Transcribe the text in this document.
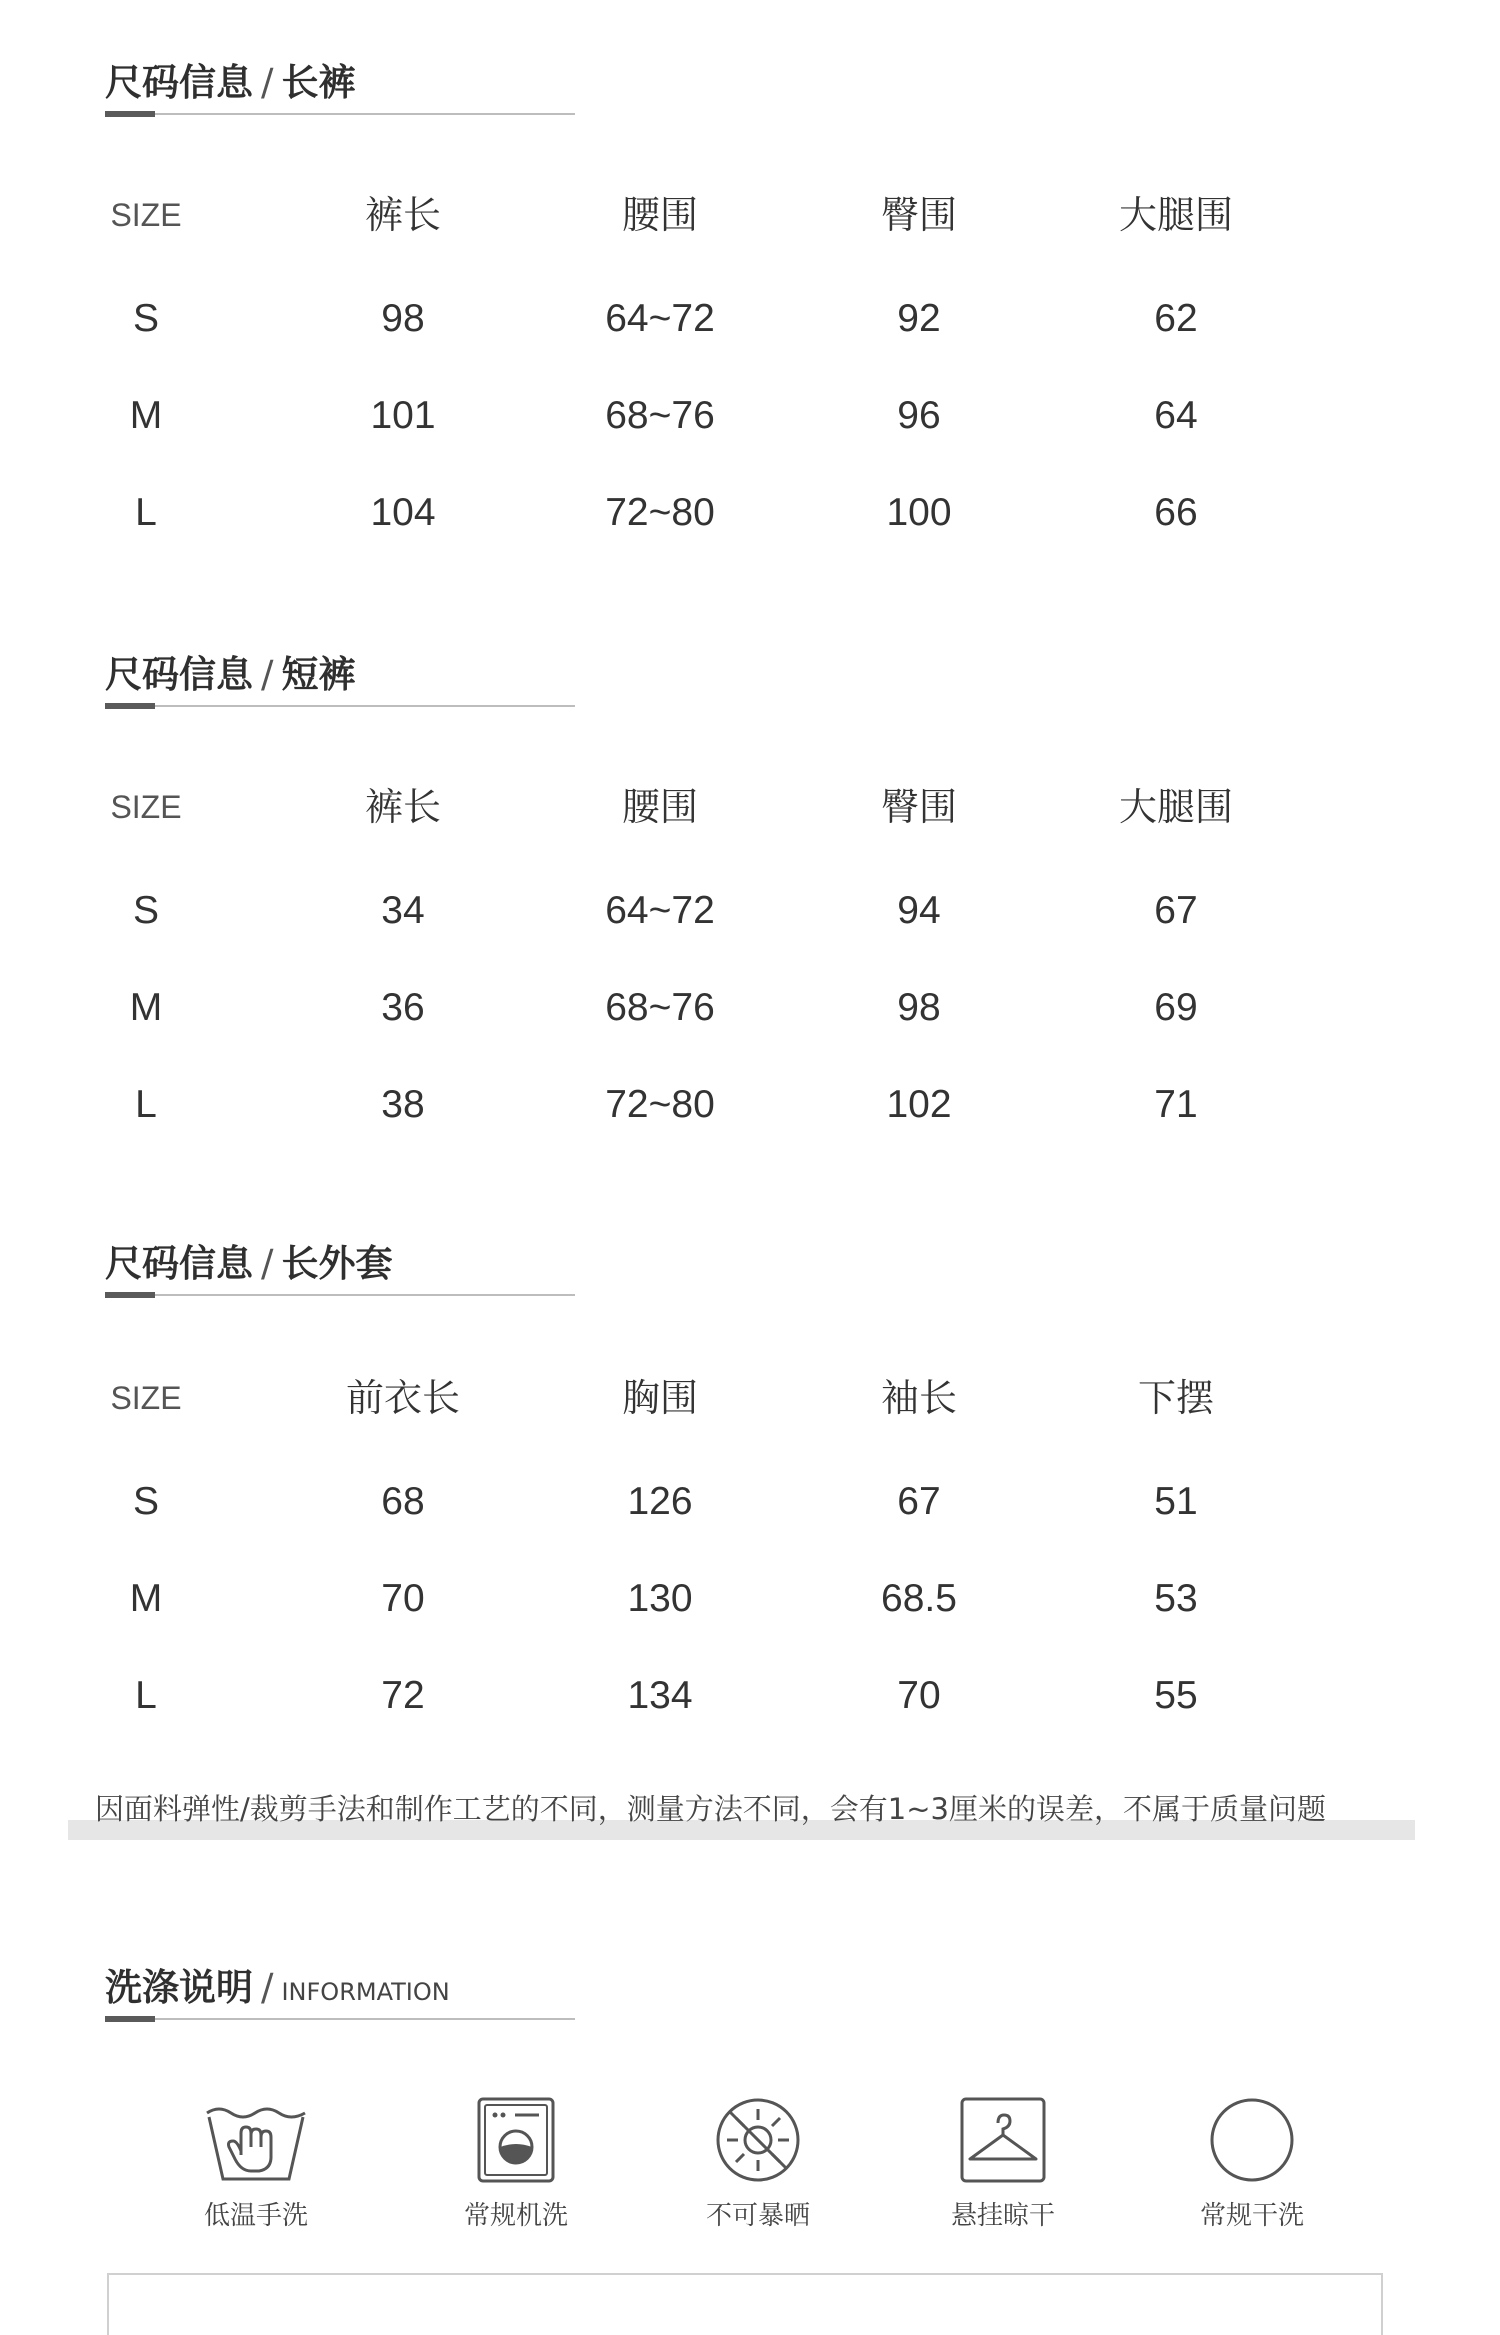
尺码信息 / 长裤
SIZE	裤长	腰围	臀围	大腿围
S	98	64~72	92	62
M	101	68~76	96	64
L	104	72~80	100	66
尺码信息 / 短裤
SIZE	裤长	腰围	臀围	大腿围
S	34	64~72	94	67
M	36	68~76	98	69
L	38	72~80	102	71
尺码信息 / 长外套
SIZE	前衣长	胸围	袖长	下摆
S	68	126	67	51
M	70	130	68.5	53
L	72	134	70	55
因面料弹性/裁剪手法和制作工艺的不同，测量方法不同，会有1~3厘米的误差，不属于质量问题
洗涤说明 / INFORMATION
低温手洗	常规机洗	不可暴晒	悬挂晾干	常规干洗
